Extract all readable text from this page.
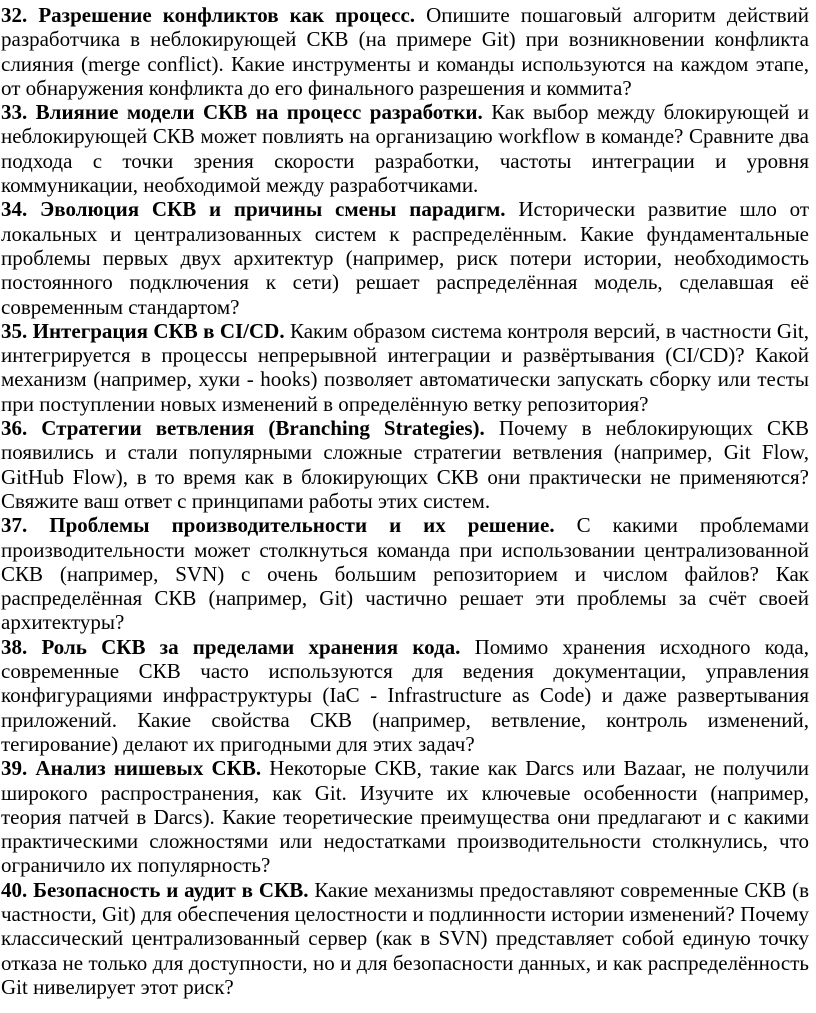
32. Разрешение конфликтов как процесс. Опишите пошаговый алгоритм действий разработчика в неблокирующей СКВ (на примере Git) при возникновении конфликта слияния (merge conflict). Какие инструменты и команды используются на каждом этапе, от обнаружения конфликта до его финального разрешения и коммита?

33. Влияние модели СКВ на процесс разработки. Как выбор между блокирующей и неблокирующей СКВ может повлиять на организацию workflow в команде? Сравните два подхода с точки зрения скорости разработки, частоты интеграции и уровня коммуникации, необходимой между разработчиками.

34. Эволюция СКВ и причины смены парадигм. Исторически развитие шло от локальных и централизованных систем к распределённым. Какие фундаментальные проблемы первых двух архитектур (например, риск потери истории, необходимость постоянного подключения к сети) решает распределённая модель, сделавшая её современным стандартом?

35. Интеграция СКВ в CI/CD. Каким образом система контроля версий, в частности Git, интегрируется в процессы непрерывной интеграции и развёртывания (CI/CD)? Какой механизм (например, хуки - hooks) позволяет автоматически запускать сборку или тесты при поступлении новых изменений в определённую ветку репозитория?

36. Стратегии ветвления (Branching Strategies). Почему в неблокирующих СКВ появились и стали популярными сложные стратегии ветвления (например, Git Flow, GitHub Flow), в то время как в блокирующих СКВ они практически не применяются? Свяжите ваш ответ с принципами работы этих систем.

37. Проблемы производительности и их решение. С какими проблемами производительности может столкнуться команда при использовании централизованной СКВ (например, SVN) с очень большим репозиторием и числом файлов? Как распределённая СКВ (например, Git) частично решает эти проблемы за счёт своей архитектуры?

38. Роль СКВ за пределами хранения кода. Помимо хранения исходного кода, современные СКВ часто используются для ведения документации, управления конфигурациями инфраструктуры (IaC - Infrastructure as Code) и даже развертывания приложений. Какие свойства СКВ (например, ветвление, контроль изменений, тегирование) делают их пригодными для этих задач?

39. Анализ нишевых СКВ. Некоторые СКВ, такие как Darcs или Bazaar, не получили широкого распространения, как Git. Изучите их ключевые особенности (например, теория патчей в Darcs). Какие теоретические преимущества они предлагают и с какими практическими сложностями или недостатками производительности столкнулись, что ограничило их популярность?

40. Безопасность и аудит в СКВ. Какие механизмы предоставляют современные СКВ (в частности, Git) для обеспечения целостности и подлинности истории изменений? Почему классический централизованный сервер (как в SVN) представляет собой единую точку отказа не только для доступности, но и для безопасности данных, и как распределённость Git нивелирует этот риск?
